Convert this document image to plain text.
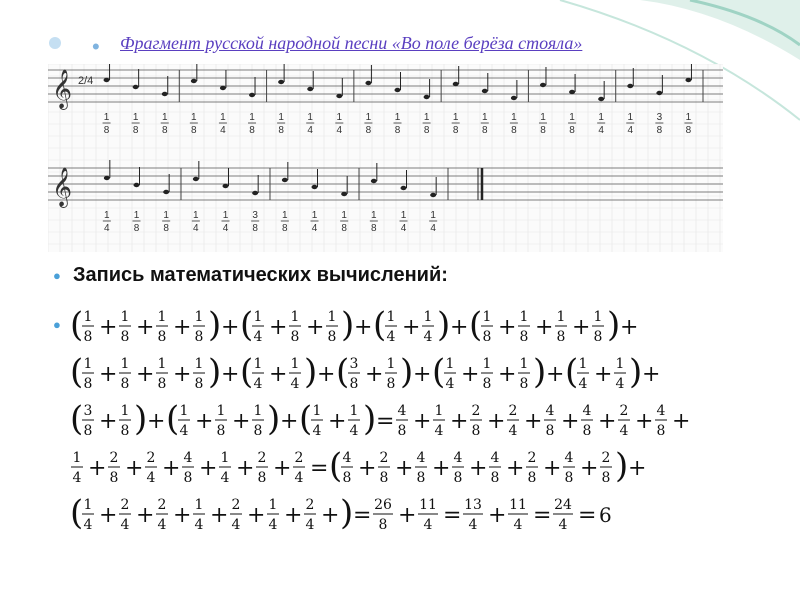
• Фрагмент русской народной песни «Во поле берёза стояла»
𝄞 2/4
1
8
1
8
1
8
1
8
1
4
1
8
1
8
1
4
1
4
1
8
1
8
1
8
1
8
1
8
1
8
1
8
1
8
1
4
1
4
3
8
1
8
𝄞
1
4
1
8
1
8
1
4
1
4
3
8
1
8
1
4
1
8
1
8
1
4
1
4
● Запись математических вычислений:
● ( 1
8 + 1
8 + 1
8 + 1
8 ) + ( 1
4 + 1
8 + 1
8 ) + ( 1
4 + 1
4 ) + ( 1
8 + 1
8 + 1
8 + 1
8 ) +
( 1
8 + 1
8 + 1
8 + 1
8 ) + ( 1
4 + 1
4 ) + ( 3
8 + 1
8 ) + ( 1
4 + 1
8 + 1
8 ) + ( 1
4 + 1
4 ) +
( 3
8 + 1
8 ) + ( 1
4 + 1
8 + 1
8 ) + ( 1
4 + 1
4 ) = 4
8 + 1
4 + 2
8 + 2
4 + 4
8 + 4
8 + 2
4 + 4
8 +
1
4 + 2
8 + 2
4 + 4
8 + 1
4 + 2
8 + 2
4 = ( 4
8 + 2
8 + 4
8 + 4
8 + 4
8 + 2
8 + 4
8 + 2
8 ) +
( 1
4 + 2
4 + 2
4 + 1
4 + 2
4 + 1
4 + 2
4 + ) = 26
8 + 11
4 = 13
4 + 11
4 = 24
4 = 6
